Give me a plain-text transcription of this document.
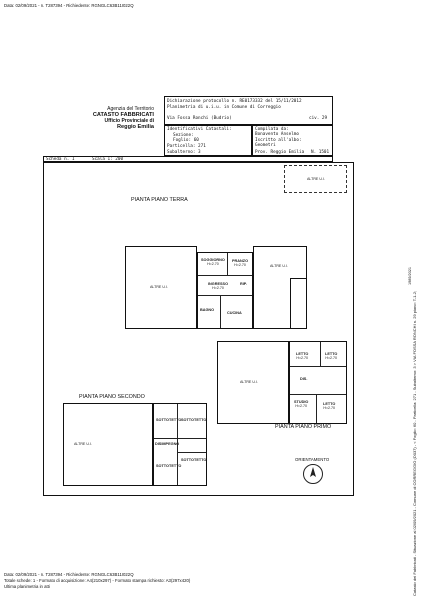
Data: 02/09/2021 - n. T287394 - Richiedente: RGNGLC63B11I022Q
Agenzia del Territorio
CATASTO FABBRICATI
Ufficio Provinciale di
Reggio Emilia
Dichiarazione protocollo n. RE0173332 del 15/11/2012
Planimetria di u.i.u. in Comune di Correggio
Via Fossa Ronchi (Budrio)	civ. 29
Identificativi Catastali:
Sezione:
Foglio: 60
Particella: 271
Subalterno: 3
Compilata da:
Bonavento Anselmo
Iscritto all'albo:
Geometri
Prov. Reggio Emilia N. 1501
Scheda n. 1	Scala 1: 200
ALTRE U.I.
PIANTA PIANO TERRA
ALTRE U.I.
SOGGIORNO
H=2.70
PRANZO
H=2.70
INGRESSO
H=2.70
RIP.
BAGNO
CUCINA
ALTRE U.I.
ALTRE U.I.
LETTO
H=2.70
LETTO
H=2.70
DIS.
STUDIO
H=2.70	LETTO
H=2.70
PIANTA PIANO PRIMO
PIANTA PIANO SECONDO
ALTRE U.I.
SOTTOTETTO SOTTOTETTO
DISIMPEGNO
SOTTOTETTO
SOTTOTETTO
ORIENTAMENTO	Catasto dei Fabbricati - Situazione al 02/09/2021 - Comune di CORREGGIO (D037) - < Foglio: 60 - Particella: 271 - Subalterno: 3 > VIA FOSSA RONCHI n. 29 piano: T-1-2;
1989/2021
Data: 02/09/2021 - n. T287394 - Richiedente: RGNGLC63B11I022Q
Totale schede: 1 - Formato di acquisizione: A4(210x297) - Formato stampa richiesto: A3(297x420)
Ultima planimetria in atti
